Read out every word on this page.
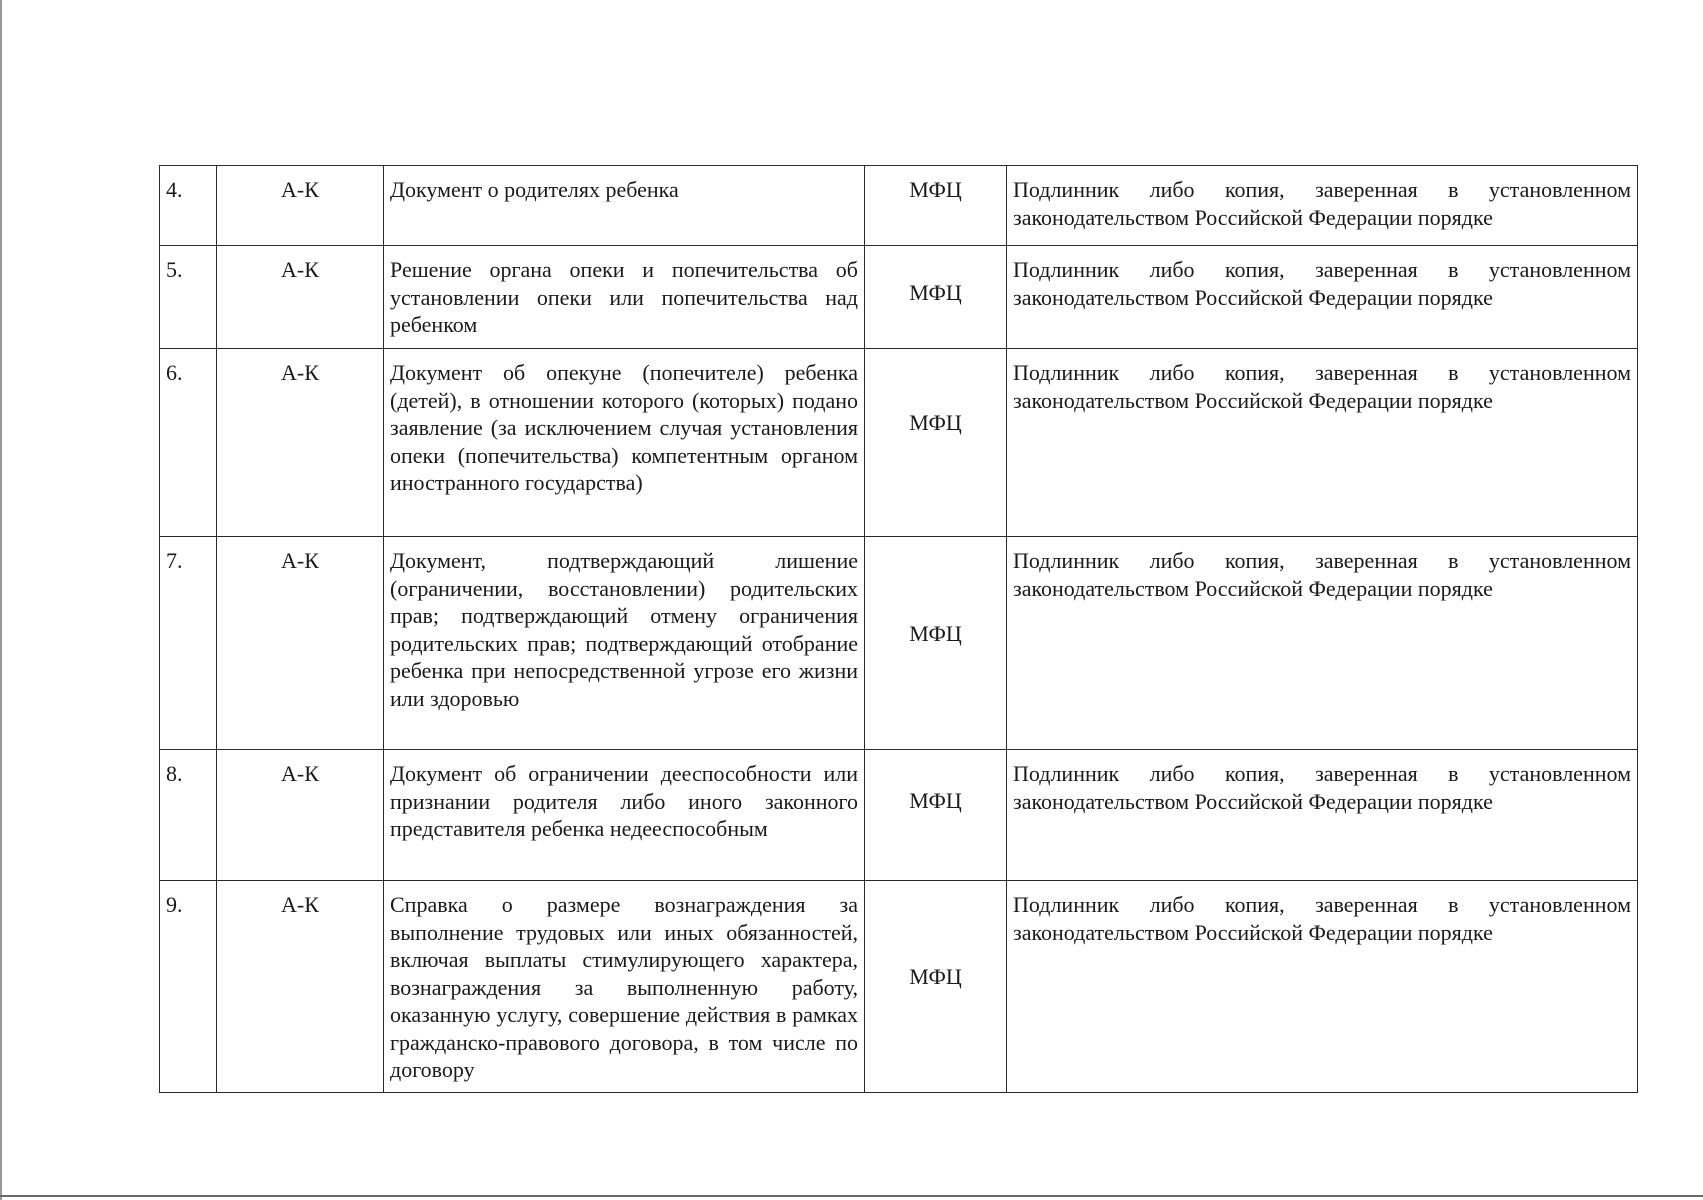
4.	А-К	Документ о родителях ребенка	МФЦ	Подлинник либо копия, заверенная в установленном законодательством Российской Федерации порядке
5.	А-К	Решение органа опеки и попечительства об установлении опеки или попечительства над ребенком	МФЦ	Подлинник либо копия, заверенная в установленном законодательством Российской Федерации порядке
6.	А-К	Документ об опекуне (попечителе) ребенка (детей), в отношении которого (которых) подано заявление (за исключением случая установления опеки (попечительства) компетентным органом иностранного государства)	МФЦ	Подлинник либо копия, заверенная в установленном законодательством Российской Федерации порядке
7.	А-К	Документ, подтверждающий лишение (ограничении, восстановлении) родительских прав; подтверждающий отмену ограничения родительских прав; подтверждающий отобрание ребенка при непосредственной угрозе его жизни или здоровью	МФЦ	Подлинник либо копия, заверенная в установленном законодательством Российской Федерации порядке
8.	А-К	Документ об ограничении дееспособности или признании родителя либо иного законного представителя ребенка недееспособным	МФЦ	Подлинник либо копия, заверенная в установленном законодательством Российской Федерации порядке
9.	А-К	Справка о размере вознаграждения за выполнение трудовых или иных обязанностей, включая выплаты стимулирующего характера, вознаграждения за выполненную работу, оказанную услугу, совершение действия в рамках гражданско-правового договора, в том числе по договору	МФЦ	Подлинник либо копия, заверенная в установленном законодательством Российской Федерации порядке
